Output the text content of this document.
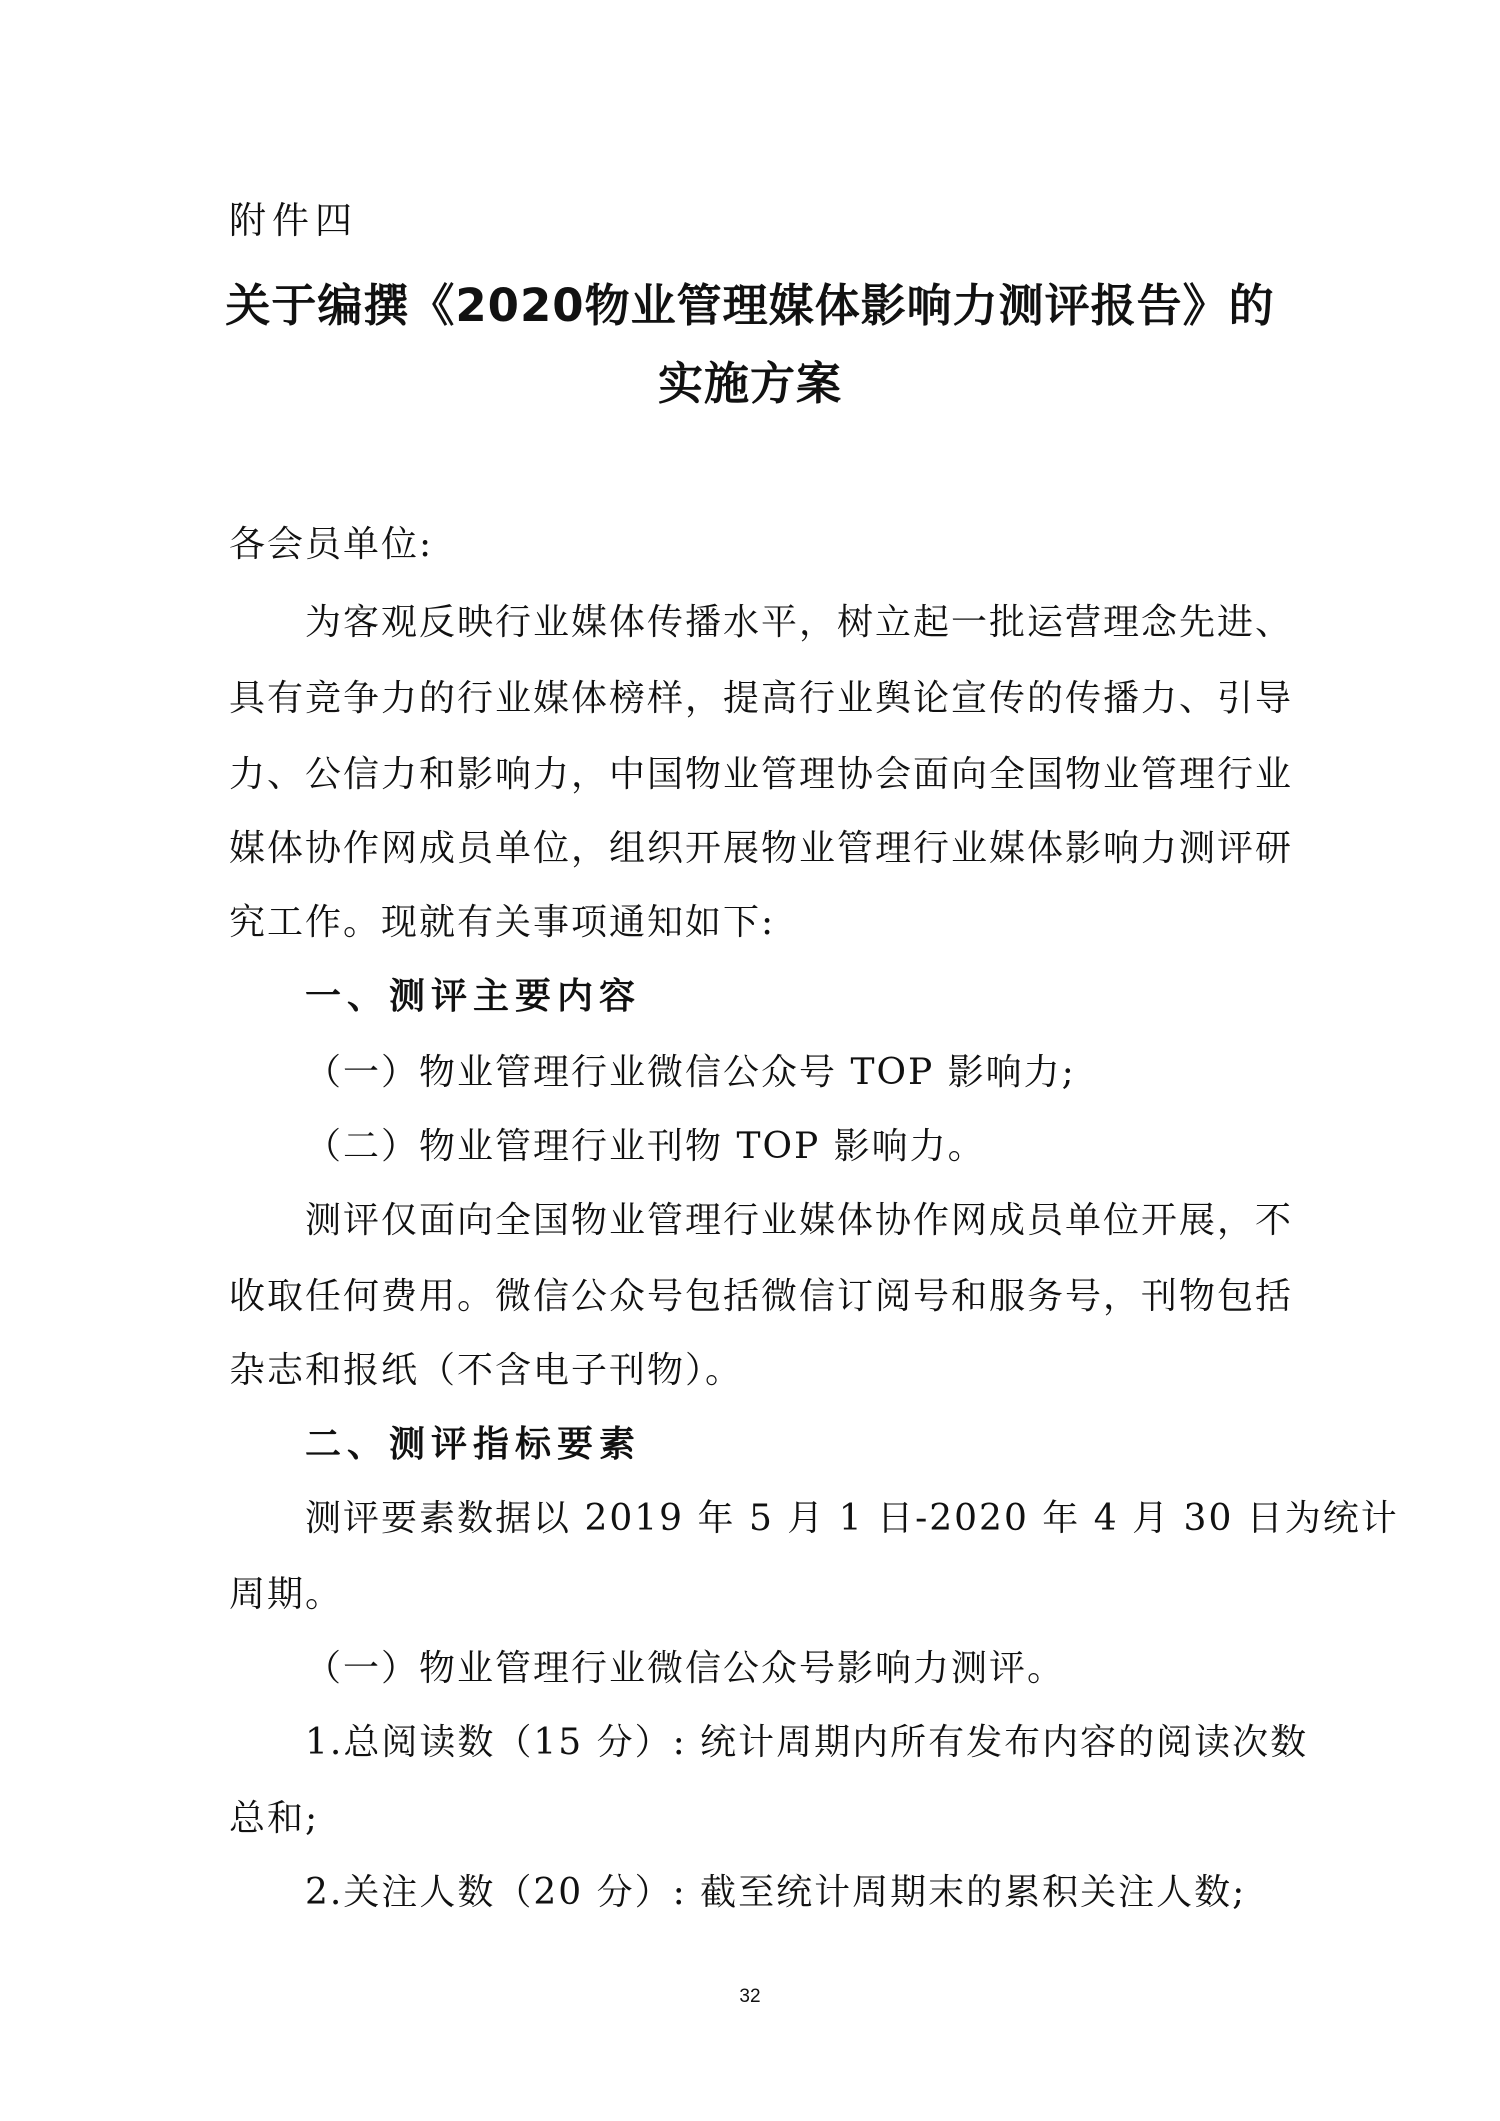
附件四
关于编撰《2020物业管理媒体影响力测评报告》的
实施方案
各会员单位:
为客观反映行业媒体传播水平，树立起一批运营理念先进、
具有竞争力的行业媒体榜样，提高行业舆论宣传的传播力、引导
力、公信力和影响力，中国物业管理协会面向全国物业管理行业
媒体协作网成员单位，组织开展物业管理行业媒体影响力测评研
究工作。现就有关事项通知如下:
一、测评主要内容
（一）物业管理行业微信公众号 TOP 影响力;
（二）物业管理行业刊物 TOP 影响力。
测评仅面向全国物业管理行业媒体协作网成员单位开展，不
收取任何费用。微信公众号包括微信订阅号和服务号，刊物包括
杂志和报纸（不含电子刊物）。
二、测评指标要素
测评要素数据以 2019 年 5 月 1 日-2020 年 4 月 30 日为统计
周期。
（一）物业管理行业微信公众号影响力测评。
1.总阅读数（15 分）: 统计周期内所有发布内容的阅读次数
总和;
2.关注人数（20 分）: 截至统计周期末的累积关注人数;
32
